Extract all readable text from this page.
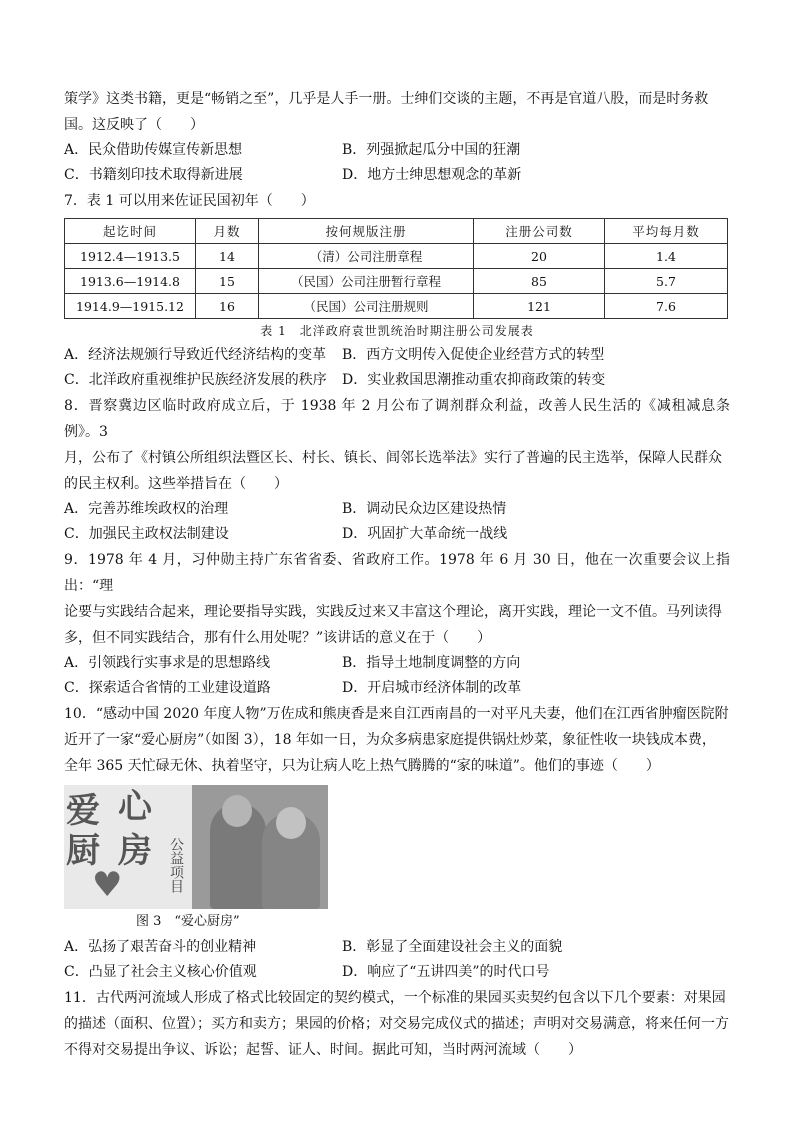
策学》这类书籍，更是“畅销之至”，几乎是人手一册。士绅们交谈的主题，不再是官道八股，而是时务救

国。这反映了（　　）

A．民众借助传媒宣传新思想	B．列强掀起瓜分中国的狂潮
C．书籍刻印技术取得新进展	D．地方士绅思想观念的革新

7．表 1 可以用来佐证民国初年（　　）

起讫时间	月数	按何规版注册	注册公司数	平均每月数
1912.4—1913.5	14	（清）公司注册章程	20	1.4
1913.6—1914.8	15	（民国）公司注册暂行章程	85	5.7
1914.9—1915.12	16	（民国）公司注册规则	121	7.6
表 1　北洋政府袁世凯统治时期注册公司发展表
A．经济法规颁行导致近代经济结构的变革	B．西方文明传入促使企业经营方式的转型
C．北洋政府重视维护民族经济发展的秩序	D．实业救国思潮推动重农抑商政策的转变

8．晋察冀边区临时政府成立后，于 1938 年 2 月公布了调剂群众利益，改善人民生活的《减租减息条例》。3

月，公布了《村镇公所组织法暨区长、村长、镇长、闾邻长选举法》实行了普遍的民主选举，保障人民群众

的民主权利。这些举措旨在（　　）

A．完善苏维埃政权的治理	B．调动民众边区建设热情
C．加强民主政权法制建设	D．巩固扩大革命统一战线

9．1978 年 4 月，习仲勋主持广东省省委、省政府工作。1978 年 6 月 30 日，他在一次重要会议上指出：“理

论要与实践结合起来，理论要指导实践，实践反过来又丰富这个理论，离开实践，理论一文不值。马列读得

多，但不同实践结合，那有什么用处呢？”该讲话的意义在于（　　）

A．引领践行实事求是的思想路线	B．指导土地制度调整的方向
C．探索适合省情的工业建设道路	D．开启城市经济体制的改革

10．“感动中国 2020 年度人物”万佐成和熊庚香是来自江西南昌的一对平凡夫妻，他们在江西省肿瘤医院附

近开了一家“爱心厨房”（如图 3），18 年如一日，为众多病患家庭提供锅灶炒菜，象征性收一块钱成本费，

全年 365 天忙碌无休、执着坚守，只为让病人吃上热气腾腾的“家的味道”。他们的事迹（　　）

爱 心
厨 房 公益项目
♥
图 3　“爱心厨房”
A．弘扬了艰苦奋斗的创业精神	B．彰显了全面建设社会主义的面貌
C．凸显了社会主义核心价值观	D．响应了“五讲四美”的时代口号

11．古代两河流域人形成了格式比较固定的契约模式，一个标准的果园买卖契约包含以下几个要素：对果园

的描述（面积、位置）；买方和卖方；果园的价格；对交易完成仪式的描述；声明对交易满意，将来任何一方

不得对交易提出争议、诉讼；起誓、证人、时间。据此可知，当时两河流域（　　）
